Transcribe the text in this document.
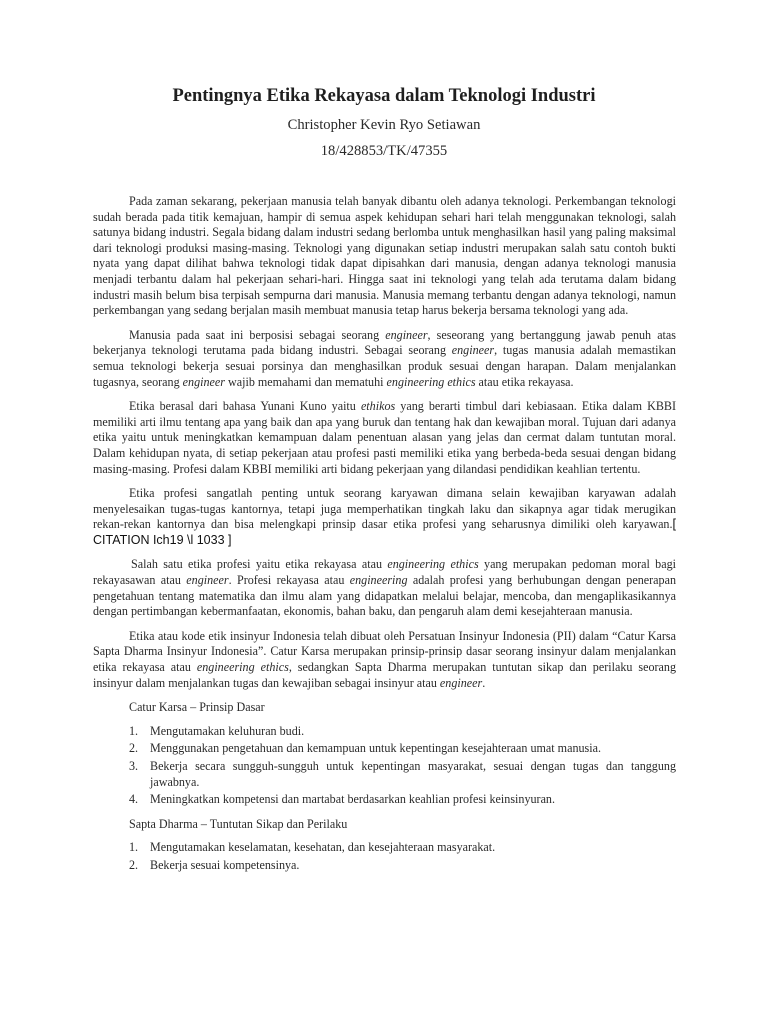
Pentingnya Etika Rekayasa dalam Teknologi Industri
Christopher Kevin Ryo Setiawan
18/428853/TK/47355

Pada zaman sekarang, pekerjaan manusia telah banyak dibantu oleh adanya teknologi. Perkembangan teknologi sudah berada pada titik kemajuan, hampir di semua aspek kehidupan sehari hari telah menggunakan teknologi, salah satunya bidang industri. Segala bidang dalam industri sedang berlomba untuk menghasilkan hasil yang paling maksimal dari teknologi produksi masing-masing. Teknologi yang digunakan setiap industri merupakan salah satu contoh bukti nyata yang dapat dilihat bahwa teknologi tidak dapat dipisahkan dari manusia, dengan adanya teknologi manusia menjadi terbantu dalam hal pekerjaan sehari-hari. Hingga saat ini teknologi yang telah ada terutama dalam bidang industri masih belum bisa terpisah sempurna dari manusia. Manusia memang terbantu dengan adanya teknologi, namun perkembangan yang sedang berjalan masih membuat manusia tetap harus bekerja bersama teknologi yang ada.

Manusia pada saat ini berposisi sebagai seorang engineer, seseorang yang bertanggung jawab penuh atas bekerjanya teknologi terutama pada bidang industri. Sebagai seorang engineer, tugas manusia adalah memastikan semua teknologi bekerja sesuai porsinya dan menghasilkan produk sesuai dengan harapan. Dalam menjalankan tugasnya, seorang engineer wajib memahami dan mematuhi engineering ethics atau etika rekayasa.

Etika berasal dari bahasa Yunani Kuno yaitu ethikos yang berarti timbul dari kebiasaan. Etika dalam KBBI memiliki arti ilmu tentang apa yang baik dan apa yang buruk dan tentang hak dan kewajiban moral. Tujuan dari adanya etika yaitu untuk meningkatkan kemampuan dalam penentuan alasan yang jelas dan cermat dalam tuntutan moral. Dalam kehidupan nyata, di setiap pekerjaan atau profesi pasti memiliki etika yang berbeda-beda sesuai dengan bidang masing-masing. Profesi dalam KBBI memiliki arti bidang pekerjaan yang dilandasi pendidikan keahlian tertentu.

Etika profesi sangatlah penting untuk seorang karyawan dimana selain kewajiban karyawan adalah menyelesaikan tugas-tugas kantornya, tetapi juga memperhatikan tingkah laku dan sikapnya agar tidak merugikan rekan-rekan kantornya dan bisa melengkapi prinsip dasar etika profesi yang seharusnya dimiliki oleh karyawan.[ CITATION Ich19 \l 1033 ]

Salah satu etika profesi yaitu etika rekayasa atau engineering ethics yang merupakan pedoman moral bagi rekayasawan atau engineer. Profesi rekayasa atau engineering adalah profesi yang berhubungan dengan penerapan pengetahuan tentang matematika dan ilmu alam yang didapatkan melalui belajar, mencoba, dan mengaplikasikannya dengan pertimbangan kebermanfaatan, ekonomis, bahan baku, dan pengaruh alam demi kesejahteraan manusia.

Etika atau kode etik insinyur Indonesia telah dibuat oleh Persatuan Insinyur Indonesia (PII) dalam “Catur Karsa Sapta Dharma Insinyur Indonesia”. Catur Karsa merupakan prinsip-prinsip dasar seorang insinyur dalam menjalankan etika rekayasa atau engineering ethics, sedangkan Sapta Dharma merupakan tuntutan sikap dan perilaku seorang insinyur dalam menjalankan tugas dan kewajiban sebagai insinyur atau engineer.

Catur Karsa – Prinsip Dasar

1. Mengutamakan keluhuran budi.
2. Menggunakan pengetahuan dan kemampuan untuk kepentingan kesejahteraan umat manusia.
3. Bekerja secara sungguh-sungguh untuk kepentingan masyarakat, sesuai dengan tugas dan tanggung jawabnya.
4. Meningkatkan kompetensi dan martabat berdasarkan keahlian profesi keinsinyuran.

Sapta Dharma – Tuntutan Sikap dan Perilaku

1. Mengutamakan keselamatan, kesehatan, dan kesejahteraan masyarakat.
2. Bekerja sesuai kompetensinya.
